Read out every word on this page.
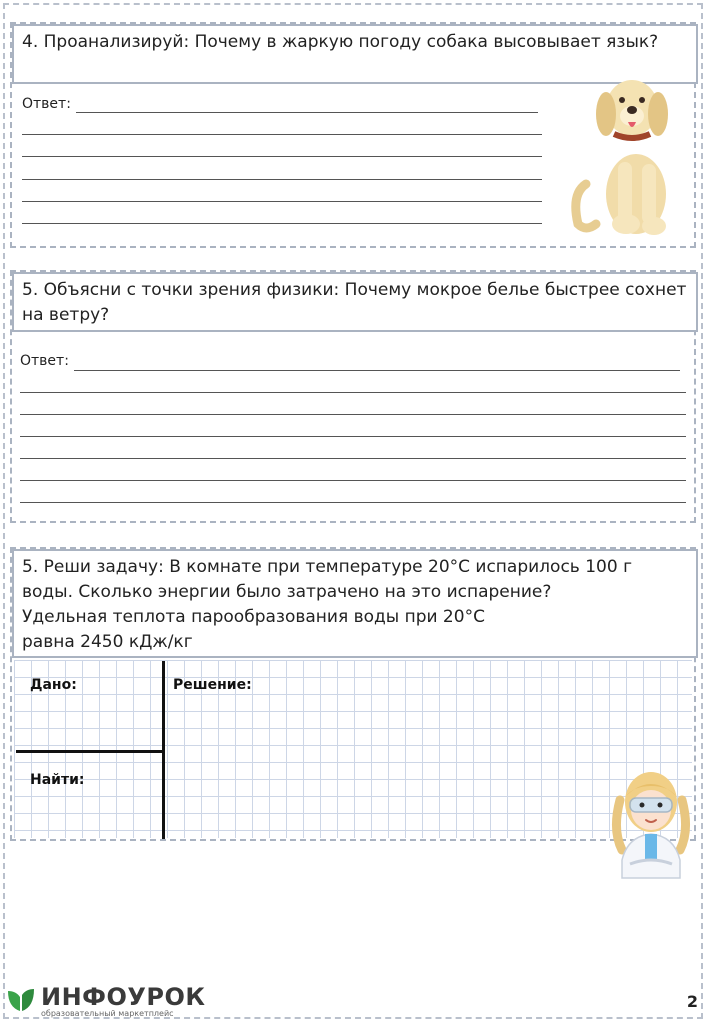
4. Проанализируй: Почему в жаркую погоду собака высовывает язык?
Ответ:
5. Объясни с точки зрения физики: Почему мокрое белье быстрее сохнет на ветру?
Ответ:
5. Реши задачу: В комнате при температуре 20°С испарилось 100 г
воды. Сколько энергии было затрачено на это испарение?
Удельная теплота парообразования воды при 20°С
равна 2450 кДж/кг
Дано:
Найти:
Решение:
ИНФОУРОК
образовательный маркетплейс
2
